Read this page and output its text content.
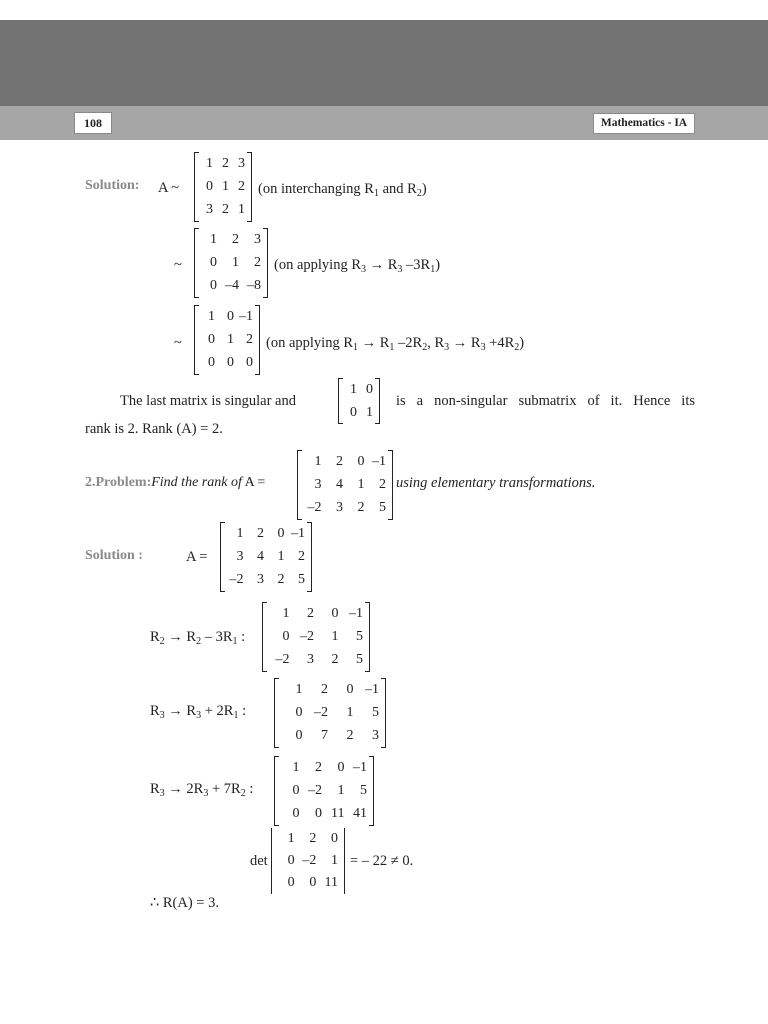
108	Mathematics - IA
Solution: A ~
1 2 3
0 1 2
3 2 1
(on interchanging $R_1$ and $R_2$)
~
1 2 3
0 1 2
0 –4 –8
(on applying $R_3 \to R_3$ $-3R_1$)
~
1 0 –1
0 1 2
0 0 0
(on applying $R_1 \to R_1$ $-2R_2$, $R_3 \to R_3 +4R_2$)
The last matrix is singular and
1 0
0 1
is a non-singular submatrix of it. Hence its
rank is 2. Rank (A) = 2.
2.Problem:Find the rank of A =
1 2 0 –1
3 4 1 2
–2 3 2 5
using elementary transformations.
Solution :	A =
1 2 0 –1
3 4 1 2
–2 3 2 5
$R_2 \to R_2 - 3R_1$ :
1 2 0 –1
0 –2 1 5
–2 3 2 5
$R_3 \to R_3 + 2R_1$ :
1 2 0 –1
0 –2 1 5
0 7 2 3
$R_3 \to 2R_3 + 7R_2$ :
1 2 0 –1
0 –2 1 5
0 0 11 41
det
1 2 0
0 –2 1
0 0 11
= – 22 ≠ 0.
∴ R(A) = 3.
